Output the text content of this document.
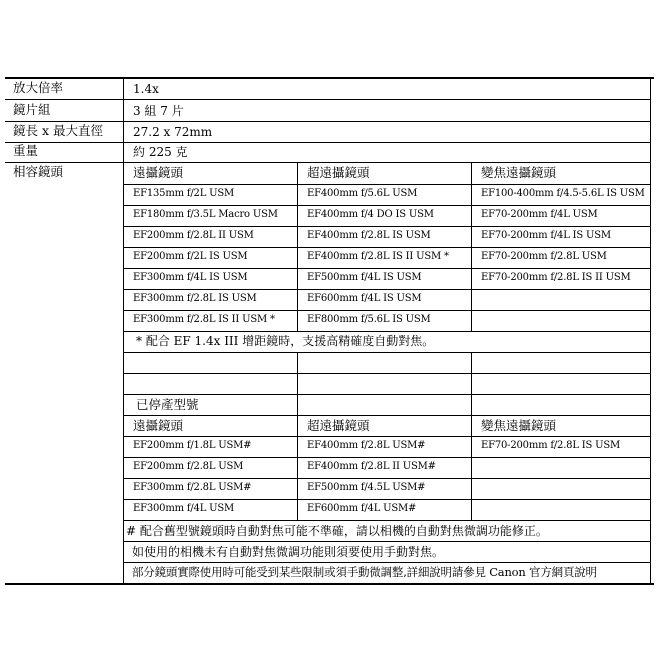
放大倍率	1.4x
鏡片組	3 組 7 片
鏡長 x 最大直徑	27.2 x 72mm
重量	約 225 克
相容鏡頭	遠攝鏡頭	超遠攝鏡頭	變焦遠攝鏡頭
EF135mm f/2L USM	EF400mm f/5.6L USM	EF100-400mm f/4.5-5.6L IS USM
EF180mm f/3.5L Macro USM	EF400mm f/4 DO IS USM	EF70-200mm f/4L USM
EF200mm f/2.8L II USM	EF400mm f/2.8L IS USM	EF70-200mm f/4L IS USM
EF200mm f/2L IS USM	EF400mm f/2.8L IS II USM *	EF70-200mm f/2.8L USM
EF300mm f/4L IS USM	EF500mm f/4L IS USM	EF70-200mm f/2.8L IS II USM
EF300mm f/2.8L IS USM	EF600mm f/4L IS USM
EF300mm f/2.8L IS II USM *	EF800mm f/5.6L IS USM
* 配合 EF 1.4x III 增距鏡時，支援高精確度自動對焦。
已停產型號
遠攝鏡頭	超遠攝鏡頭	變焦遠攝鏡頭
EF200mm f/1.8L USM#	EF400mm f/2.8L USM#	EF70-200mm f/2.8L IS USM
EF200mm f/2.8L USM	EF400mm f/2.8L II USM#
EF300mm f/2.8L USM#	EF500mm f/4.5L USM#
EF300mm f/4L USM	EF600mm f/4L USM#
# 配合舊型號鏡頭時自動對焦可能不準確，請以相機的自動對焦微調功能修正。
如使用的相機未有自動對焦微調功能則須要使用手動對焦。
部分鏡頭實際使用時可能受到某些限制或須手動微調整,詳細說明請參見 Canon 官方網頁說明
